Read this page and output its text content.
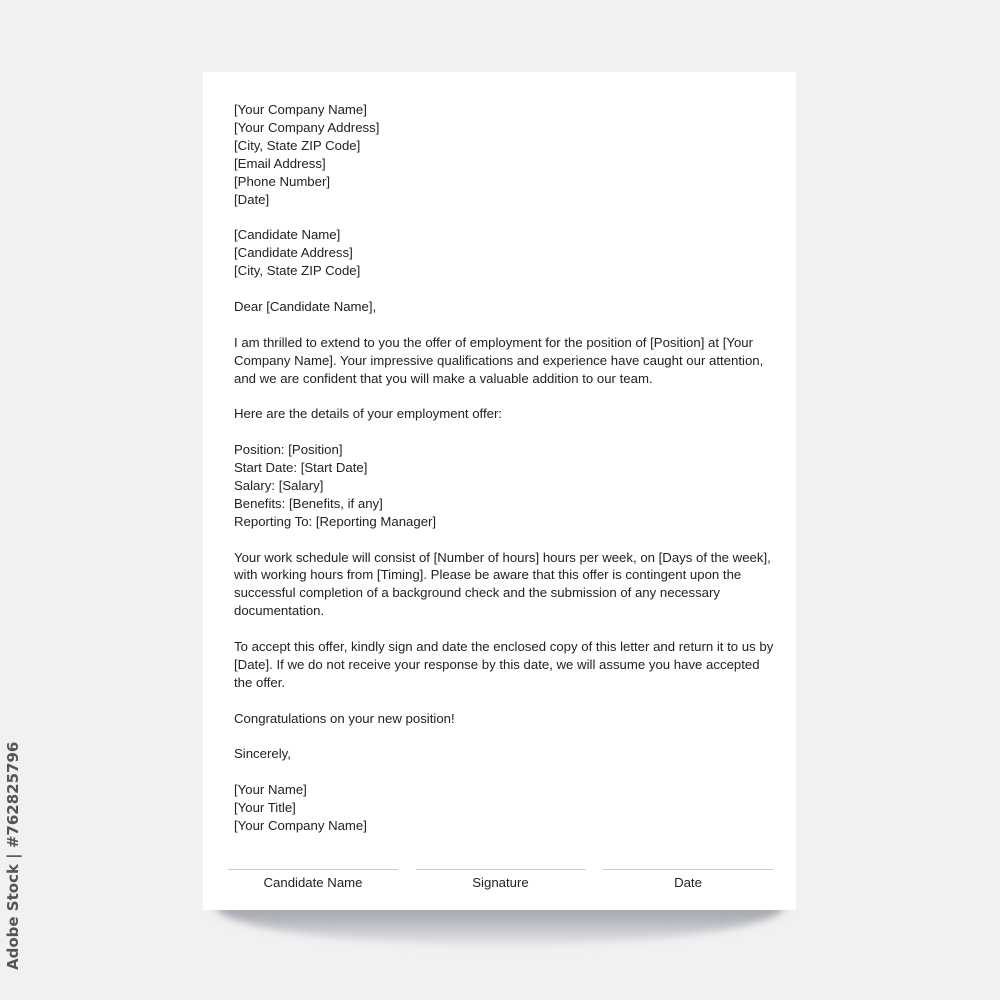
[Your Company Name]
[Your Company Address]
[City, State ZIP Code]
[Email Address]
[Phone Number]
[Date]

[Candidate Name]
[Candidate Address]
[City, State ZIP Code]

Dear [Candidate Name],

I am thrilled to extend to you the offer of employment for the position of [Position] at [Your Company Name]. Your impressive qualifications and experience have caught our attention, and we are confident that you will make a valuable addition to our team.

Here are the details of your employment offer:

Position: [Position]
Start Date: [Start Date]
Salary: [Salary]
Benefits: [Benefits, if any]
Reporting To: [Reporting Manager]

Your work schedule will consist of [Number of hours] hours per week, on [Days of the week], with working hours from [Timing]. Please be aware that this offer is contingent upon the successful completion of a background check and the submission of any necessary documentation.

To accept this offer, kindly sign and date the enclosed copy of this letter and return it to us by [Date]. If we do not receive your response by this date, we will assume you have accepted the offer.

Congratulations on your new position!

Sincerely,

[Your Name]
[Your Title]
[Your Company Name]

Candidate Name	Signature	Date
Adobe Stock | #762825796
